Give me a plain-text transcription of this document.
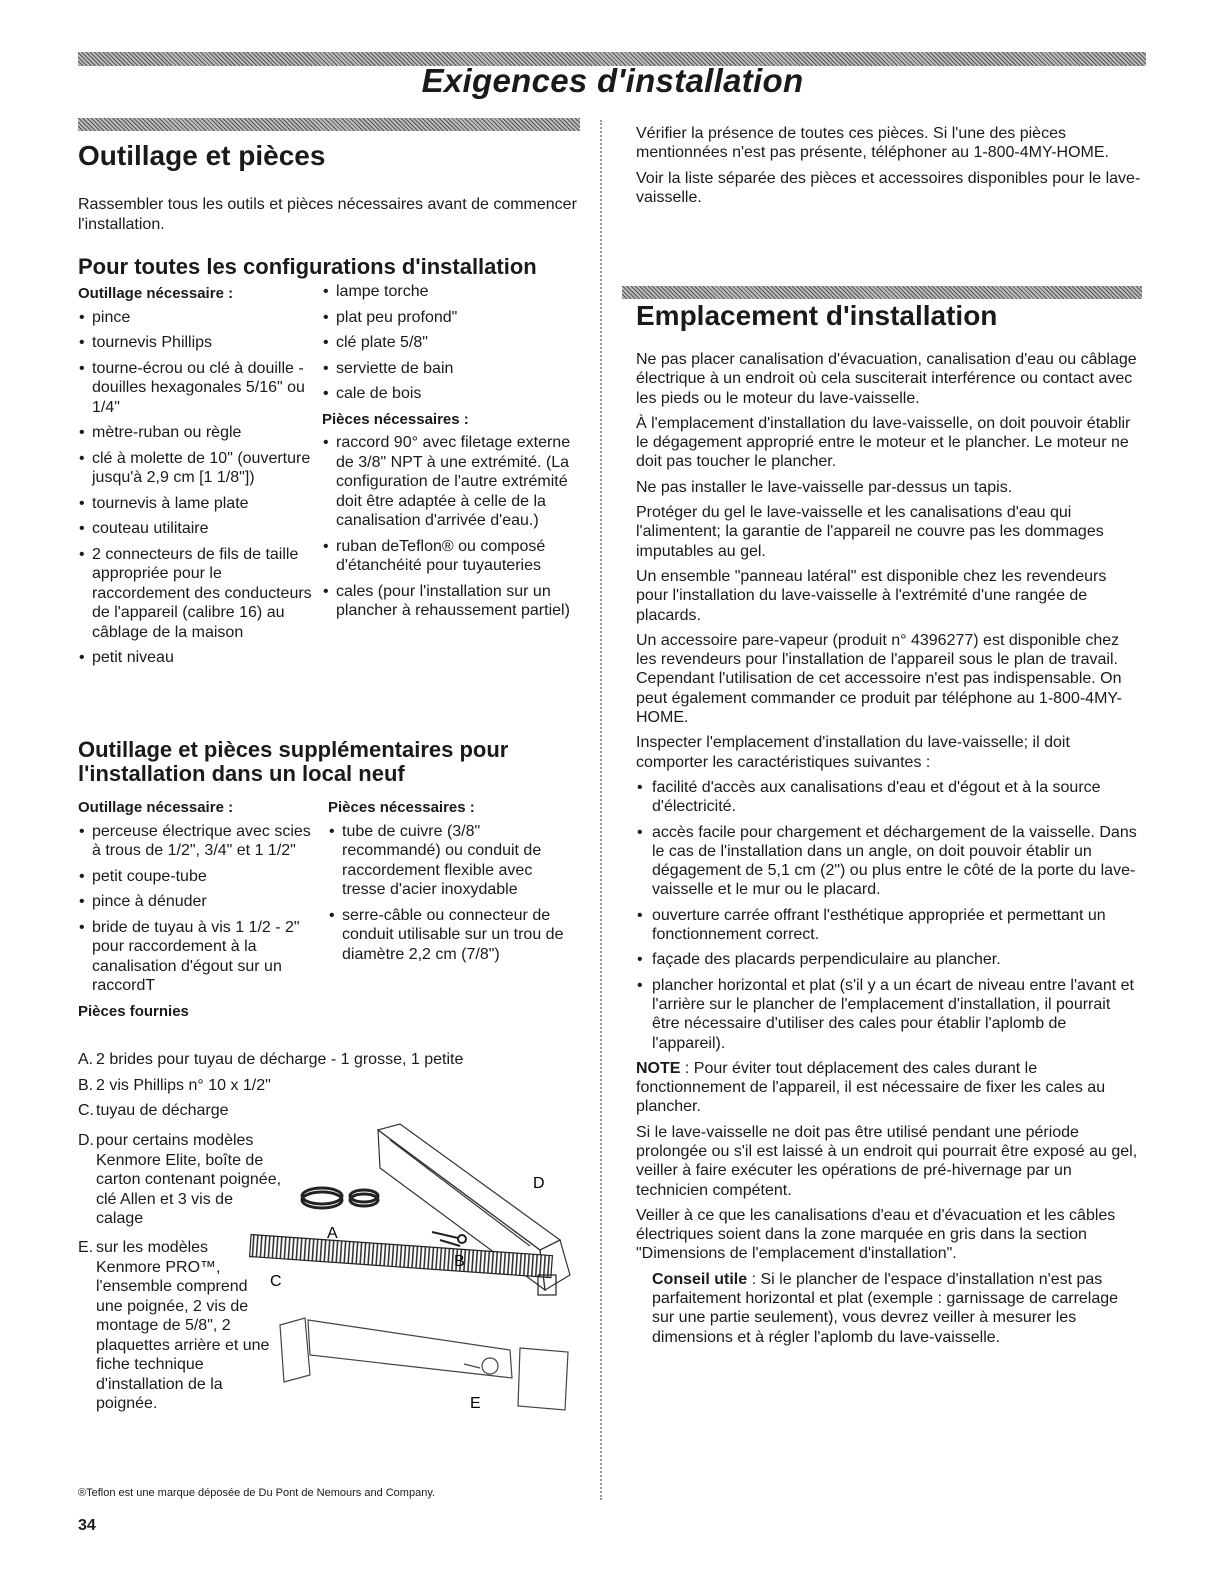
Exigences d'installation
Outillage et pièces

Rassembler tous les outils et pièces nécessaires avant de commencer l'installation.

Pour toutes les configurations d'installation
Outillage nécessaire :
• pince
• tournevis Phillips
• tourne-écrou ou clé à douille - douilles hexagonales 5/16" ou 1/4"
• mètre-ruban ou règle
• clé à molette de 10" (ouverture jusqu'à 2,9 cm [1 1/8"])
• tournevis à lame plate
• couteau utilitaire
• 2 connecteurs de fils de taille appropriée pour le raccordement des conducteurs de l'appareil (calibre 16) au câblage de la maison
• petit niveau
• lampe torche
• plat peu profond"
• clé plate 5/8"
• serviette de bain
• cale de bois
Pièces nécessaires :
• raccord 90° avec filetage externe de 3/8" NPT à une extrémité. (La configuration de l'autre extrémité doit être adaptée à celle de la canalisation d'arrivée d'eau.)
• ruban deTeflon® ou composé d'étanchéité pour tuyauteries
• cales (pour l'installation sur un plancher à rehaussement partiel)
Outillage et pièces supplémentaires pour l'installation dans un local neuf
Outillage nécessaire :
• perceuse électrique avec scies à trous de 1/2", 3/4" et 1 1/2"
• petit coupe-tube
• pince à dénuder
• bride de tuyau à vis 1 1/2 - 2" pour raccordement à la canalisation d'égout sur un raccordT
Pièces fournies
Pièces nécessaires :
• tube de cuivre (3/8" recommandé) ou conduit de raccordement flexible avec tresse d'acier inoxydable
• serre-câble ou connecteur de conduit utilisable sur un trou de diamètre 2,2 cm (7/8")
A. 2 brides pour tuyau de décharge - 1 grosse, 1 petite
B. 2 vis Phillips n° 10 x 1/2"
C. tuyau de décharge
D. pour certains modèles Kenmore Elite, boîte de carton contenant poignée, clé Allen et 3 vis de calage
E. sur les modèles Kenmore PRO™, l'ensemble comprend une poignée, 2 vis de montage de 5/8", 2 plaquettes arrière et une fiche technique d'installation de la poignée.
A
B
C
D
E
®Teflon est une marque déposée de Du Pont de Nemours and Company.
34

Vérifier la présence de toutes ces pièces. Si l'une des pièces mentionnées n'est pas présente, téléphoner au 1-800-4MY-HOME.

Voir la liste séparée des pièces et accessoires disponibles pour le lave-vaisselle.

Emplacement d'installation

Ne pas placer canalisation d'évacuation, canalisation d'eau ou câblage électrique à un endroit où cela susciterait interférence ou contact avec les pieds ou le moteur du lave-vaisselle.

À l'emplacement d'installation du lave-vaisselle, on doit pouvoir établir le dégagement approprié entre le moteur et le plancher. Le moteur ne doit pas toucher le plancher.

Ne pas installer le lave-vaisselle par-dessus un tapis.

Protéger du gel le lave-vaisselle et les canalisations d'eau qui l'alimentent; la garantie de l'appareil ne couvre pas les dommages imputables au gel.

Un ensemble "panneau latéral" est disponible chez les revendeurs pour l'installation du lave-vaisselle à l'extrémité d'une rangée de placards.

Un accessoire pare-vapeur (produit n° 4396277) est disponible chez les revendeurs pour l'installation de l'appareil sous le plan de travail. Cependant l'utilisation de cet accessoire n'est pas indispensable. On peut également commander ce produit par téléphone au 1-800-4MY-HOME.

Inspecter l'emplacement d'installation du lave-vaisselle; il doit comporter les caractéristiques suivantes :

• facilité d'accès aux canalisations d'eau et d'égout et à la source d'électricité.
• accès facile pour chargement et déchargement de la vaisselle. Dans le cas de l'installation dans un angle, on doit pouvoir établir un dégagement de 5,1 cm (2") ou plus entre le côté de la porte du lave-vaisselle et le mur ou le placard.
• ouverture carrée offrant l'esthétique appropriée et permettant un fonctionnement correct.
• façade des placards perpendiculaire au plancher.
• plancher horizontal et plat (s'il y a un écart de niveau entre l'avant et l'arrière sur le plancher de l'emplacement d'installation, il pourrait être nécessaire d'utiliser des cales pour établir l'aplomb de l'appareil).

NOTE : Pour éviter tout déplacement des cales durant le fonctionnement de l'appareil, il est nécessaire de fixer les cales au plancher.

Si le lave-vaisselle ne doit pas être utilisé pendant une période prolongée ou s'il est laissé à un endroit qui pourrait être exposé au gel, veiller à faire exécuter les opérations de pré-hivernage par un technicien compétent.

Veiller à ce que les canalisations d'eau et d'évacuation et les câbles électriques soient dans la zone marquée en gris dans la section "Dimensions de l'emplacement d'installation".

Conseil utile : Si le plancher de l'espace d'installation n'est pas parfaitement horizontal et plat (exemple : garnissage de carrelage sur une partie seulement), vous devrez veiller à mesurer les dimensions et à régler l'aplomb du lave-vaisselle.
